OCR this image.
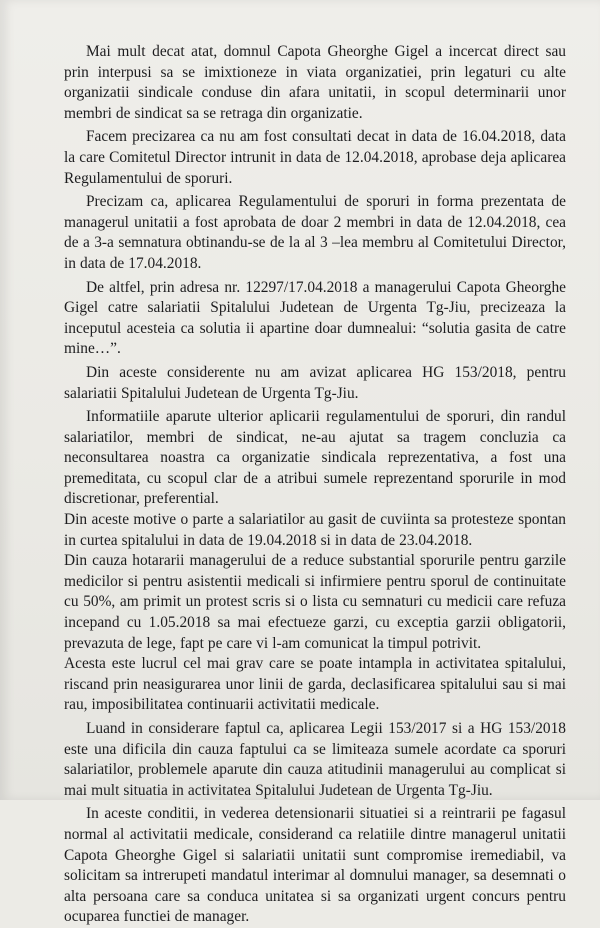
Mai mult decat atat, domnul Capota Gheorghe Gigel a incercat direct sau prin interpusi sa se imixtioneze in viata organizatiei, prin legaturi cu alte organizatii sindicale conduse din afara unitatii, in scopul determinarii unor membri de sindicat sa se retraga din organizatie.

Facem precizarea ca nu am fost consultati decat in data de 16.04.2018, data la care Comitetul Director intrunit in data de 12.04.2018, aprobase deja aplicarea Regulamentului de sporuri.

Precizam ca, aplicarea Regulamentului de sporuri in forma prezentata de managerul unitatii a fost aprobata de doar 2 membri in data de 12.04.2018, cea de a 3-a semnatura obtinandu-se de la al 3 –lea membru al Comitetului Director, in data de 17.04.2018.

De altfel, prin adresa nr. 12297/17.04.2018 a managerului Capota Gheorghe Gigel catre salariatii Spitalului Judetean de Urgenta Tg-Jiu, precizeaza la inceputul acesteia ca solutia ii apartine doar dumnealui: “solutia gasita de catre mine…”.

Din aceste considerente nu am avizat aplicarea HG 153/2018, pentru salariatii Spitalului Judetean de Urgenta Tg-Jiu.

Informatiile aparute ulterior aplicarii regulamentului de sporuri, din randul salariatilor, membri de sindicat, ne-au ajutat sa tragem concluzia ca neconsultarea noastra ca organizatie sindicala reprezentativa, a fost una premeditata, cu scopul clar de a atribui sumele reprezentand sporurile in mod discretionar, preferential.

Din aceste motive o parte a salariatilor au gasit de cuviinta sa protesteze spontan in curtea spitalului in data de 19.04.2018 si in data de 23.04.2018.

Din cauza hotararii managerului de a reduce substantial sporurile pentru garzile medicilor si pentru asistentii medicali si infirmiere pentru sporul de continuitate cu 50%, am primit un protest scris si o lista cu semnaturi cu medicii care refuza incepand cu 1.05.2018 sa mai efectueze garzi, cu exceptia garzii obligatorii, prevazuta de lege, fapt pe care vi l-am comunicat la timpul potrivit.

Acesta este lucrul cel mai grav care se poate intampla in activitatea spitalului, riscand prin neasigurarea unor linii de garda, declasificarea spitalului sau si mai rau, imposibilitatea continuarii activitatii medicale.

Luand in considerare faptul ca, aplicarea Legii 153/2017 si a HG 153/2018 este una dificila din cauza faptului ca se limiteaza sumele acordate ca sporuri salariatilor, problemele aparute din cauza atitudinii managerului au complicat si mai mult situatia in activitatea Spitalului Judetean de Urgenta Tg-Jiu.

In aceste conditii, in vederea detensionarii situatiei si a reintrarii pe fagasul normal al activitatii medicale, considerand ca relatiile dintre managerul unitatii Capota Gheorghe Gigel si salariatii unitatii sunt compromise iremediabil, va solicitam sa intrerupeti mandatul interimar al domnului manager, sa desemnati o alta persoana care sa conduca unitatea si sa organizati urgent concurs pentru ocuparea functiei de manager.
